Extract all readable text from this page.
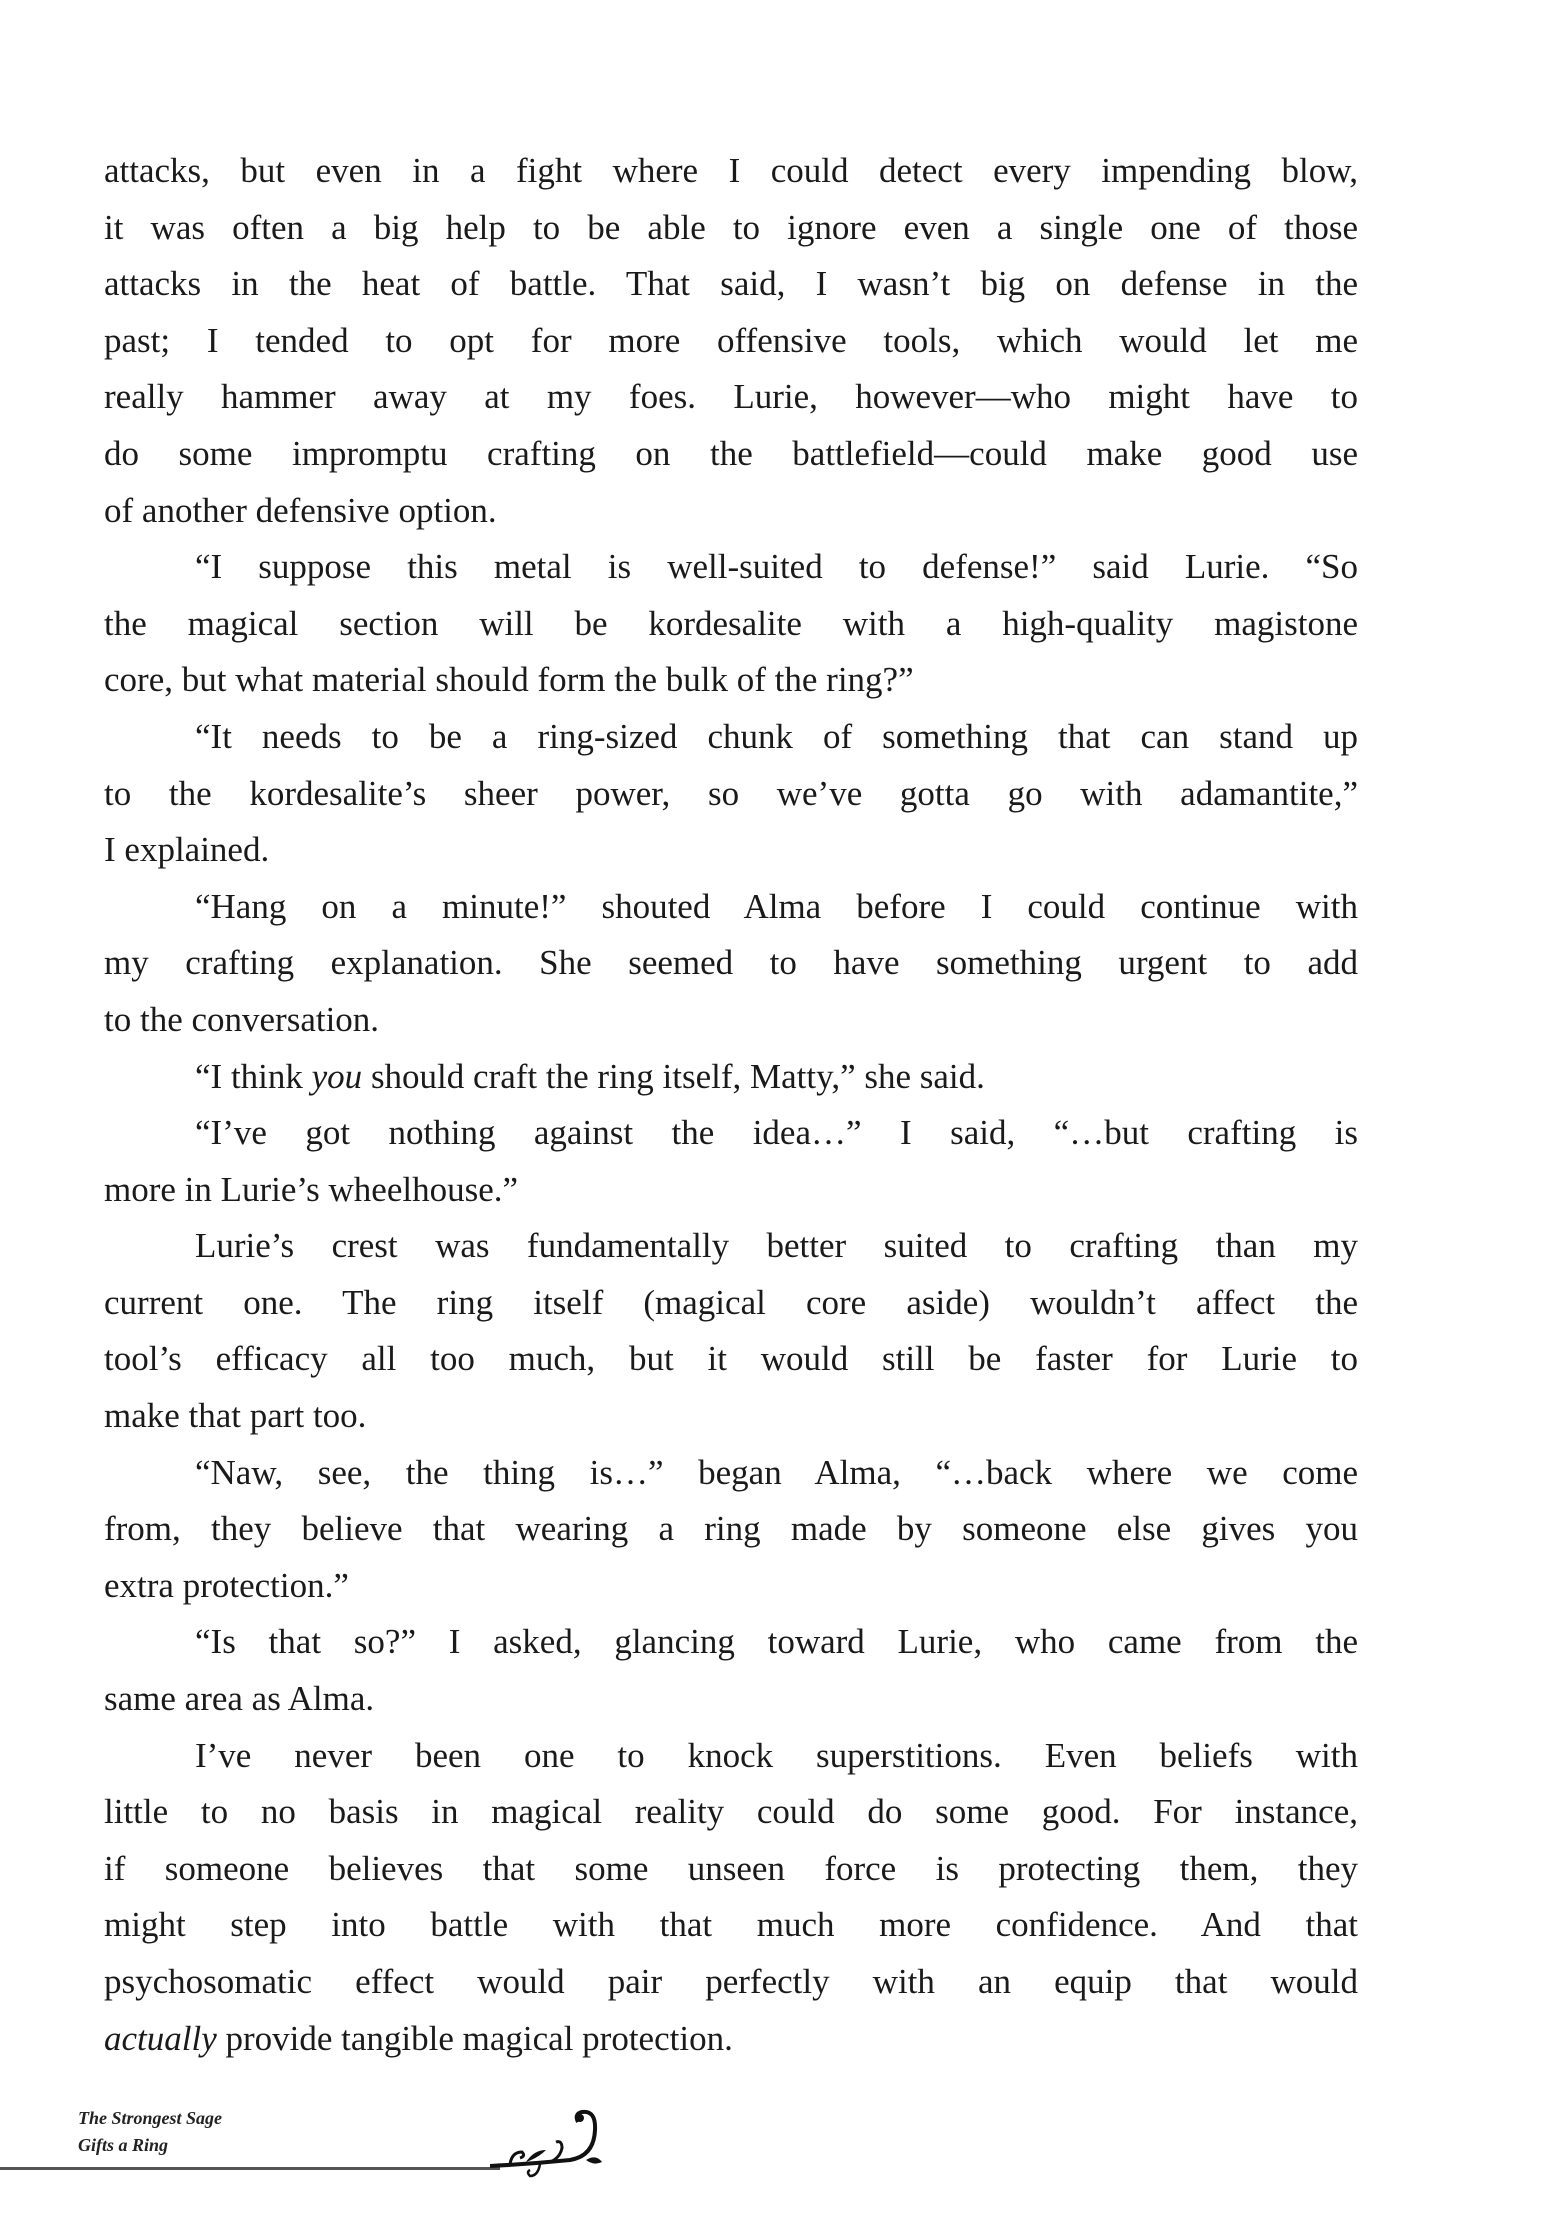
attacks, but even in a fight where I could detect every impending blow,
it was often a big help to be able to ignore even a single one of those
attacks in the heat of battle. That said, I wasn’t big on defense in the
past; I tended to opt for more offensive tools, which would let me
really hammer away at my foes. Lurie, however—who might have to
do some impromptu crafting on the battlefield—could make good use
of another defensive option.
“I suppose this metal is well-suited to defense!” said Lurie. “So
the magical section will be kordesalite with a high-quality magistone
core, but what material should form the bulk of the ring?”
“It needs to be a ring-sized chunk of something that can stand up
to the kordesalite’s sheer power, so we’ve gotta go with adamantite,”
I explained.
“Hang on a minute!” shouted Alma before I could continue with
my crafting explanation. She seemed to have something urgent to add
to the conversation.
“I think you should craft the ring itself, Matty,” she said.
“I’ve got nothing against the idea…” I said, “…but crafting is
more in Lurie’s wheelhouse.”
Lurie’s crest was fundamentally better suited to crafting than my
current one. The ring itself (magical core aside) wouldn’t affect the
tool’s efficacy all too much, but it would still be faster for Lurie to
make that part too.
“Naw, see, the thing is…” began Alma, “…back where we come
from, they believe that wearing a ring made by someone else gives you
extra protection.”
“Is that so?” I asked, glancing toward Lurie, who came from the
same area as Alma.
I’ve never been one to knock superstitions. Even beliefs with
little to no basis in magical reality could do some good. For instance,
if someone believes that some unseen force is protecting them, they
might step into battle with that much more confidence. And that
psychosomatic effect would pair perfectly with an equip that would
actually provide tangible magical protection.
The Strongest Sage
Gifts a Ring
